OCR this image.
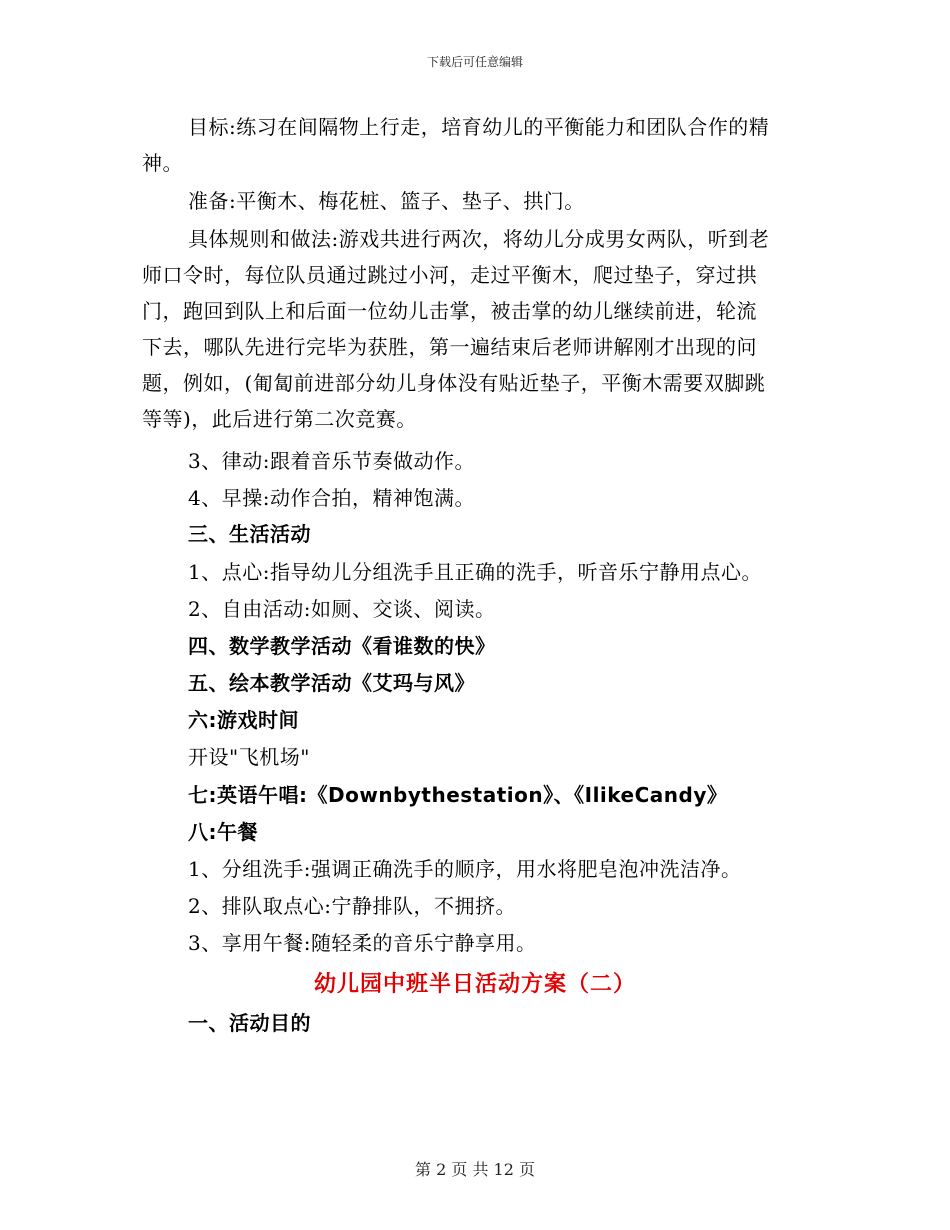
下载后可任意编辑
目标:练习在间隔物上行走，培育幼儿的平衡能力和团队合作的精
神。
准备:平衡木、梅花桩、篮子、垫子、拱门。
具体规则和做法:游戏共进行两次，将幼儿分成男女两队，听到老
师口令时，每位队员通过跳过小河，走过平衡木，爬过垫子，穿过拱
门，跑回到队上和后面一位幼儿击掌，被击掌的幼儿继续前进，轮流
下去，哪队先进行完毕为获胜，第一遍结束后老师讲解刚才出现的问
题，例如，(匍匐前进部分幼儿身体没有贴近垫子，平衡木需要双脚跳
等等)，此后进行第二次竞赛。
3、律动:跟着音乐节奏做动作。
4、早操:动作合拍，精神饱满。
三、生活活动
1、点心:指导幼儿分组洗手且正确的洗手，听音乐宁静用点心。
2、自由活动:如厕、交谈、阅读。
四、数学教学活动《看谁数的快》
五、绘本教学活动《艾玛与风》
六:游戏时间
开设"飞机场"
七:英语午唱:《Downbythestation》、《IlikeCandy》
八:午餐
1、分组洗手:强调正确洗手的顺序，用水将肥皂泡冲洗洁净。
2、排队取点心:宁静排队，不拥挤。
3、享用午餐:随轻柔的音乐宁静享用。
幼儿园中班半日活动方案（二）
一、活动目的
第 2 页 共 12 页
